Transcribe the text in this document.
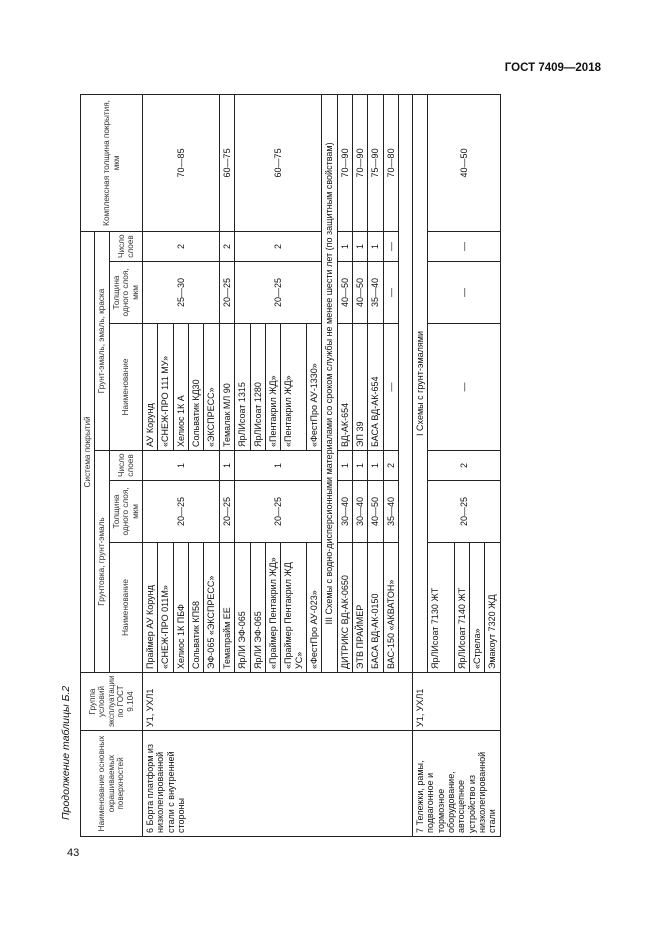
ГОСТ 7409—2018
Продолжение таблицы Б.2
43
Наименование основных окрашиваемых поверхностей	Группа условий эксплуатации по ГОСТ 9.104	Система покрытий						Комплексная толщина покрытия, мкм
		Грунтовка, грунт-эмаль			Грунт-эмаль, эмаль, краска			
		Наименование	Толщина одного слоя, мкм	Число слоев	Наименование	Толщина одного слоя, мкм	Число слоев	
6 Борта платформ из низколегированной стали с внутренней стороны	У1, УХЛ1	Праймер АУ Корунд	20—25	1	АУ Корунд	25—30	2	70—85
		«СНЕЖ-ПРО 011М»			«СНЕЖ-ПРО 111 МУ»			
		Хелиос 1К ПБФ			Хелиос 1К А			
		Сольватик КП58			Сольватик КД30			
		ЭФ-065 «ЭКСПРЕСС»			«ЭКСПРЕСС»			
		Темапрайм ЕЕ	20—25	1	Темалак МЛ 90	20—25	2	60—75
		ЯрЛИ ЭФ-065	20—25	1	ЯрЛИсоат 1315	20—25	2	60—75
		ЯрЛИ ЭФ-065			ЯрЛИсоат 1280			
		«Праймер Пентакрил ЖД»			«Пентакрил ЖД»			
		«Праймер Пентакрил ЖД УС»			«Пентакрил ЖД»			
		«ФестПро АУ-023»			«ФестПро АУ-1330»			
		III Схемы с водно-дисперсионными материалами со сроком службы не менее шести лет (по защитным свойствам)						
		ДИТРИКС ВД-АК-0650	30—40	1	ВД-АК-654	40—50	1	70—90
		ЭТВ ПРАЙМЕР	30—40	1	ЭП 39	40—50	1	70—90
		БАСА ВД-АК-0150	40—50	1	БАСА ВД-АК-654	35—40	1	75—90
		ВАС-150 «АКВАТОН»	35—40	2	—	—	—	70—80

7 Тележки, рамы, подвагонное и тормозное оборудование, автосцепное устройство из низколегированной стали	У1, УХЛ1	I Схемы с грунт-эмалями						
		ЯрЛИсоат 7130 ЖТ	20—25	2	—	—	—	40—50
		ЯрЛИсоат 7140 ЖТ						
		«Стрела»						
		Эмакоут 7320 ЖД						
